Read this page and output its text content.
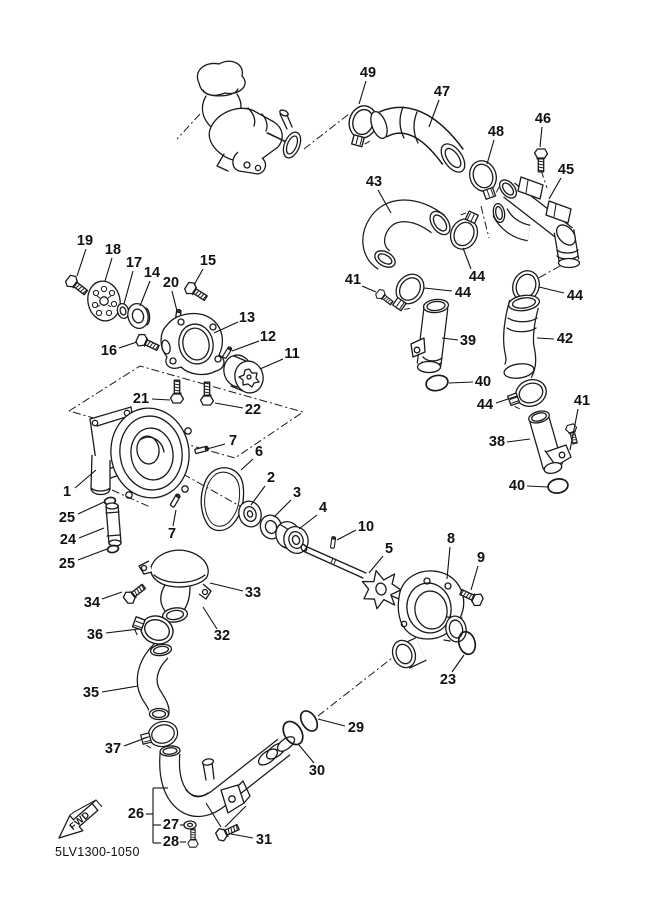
FWD
5LV1300-1050
49
47
48
46
45
43
44
44	44
41
39	42
40
44	41
38
40
19
18
17
14
20
15
16
13
12
11
21
22
7
6
2
3
4
10
5
8
9
1
25
24
25
7
33
34
32
36
35
37
29
30
23
26
27
28	31
